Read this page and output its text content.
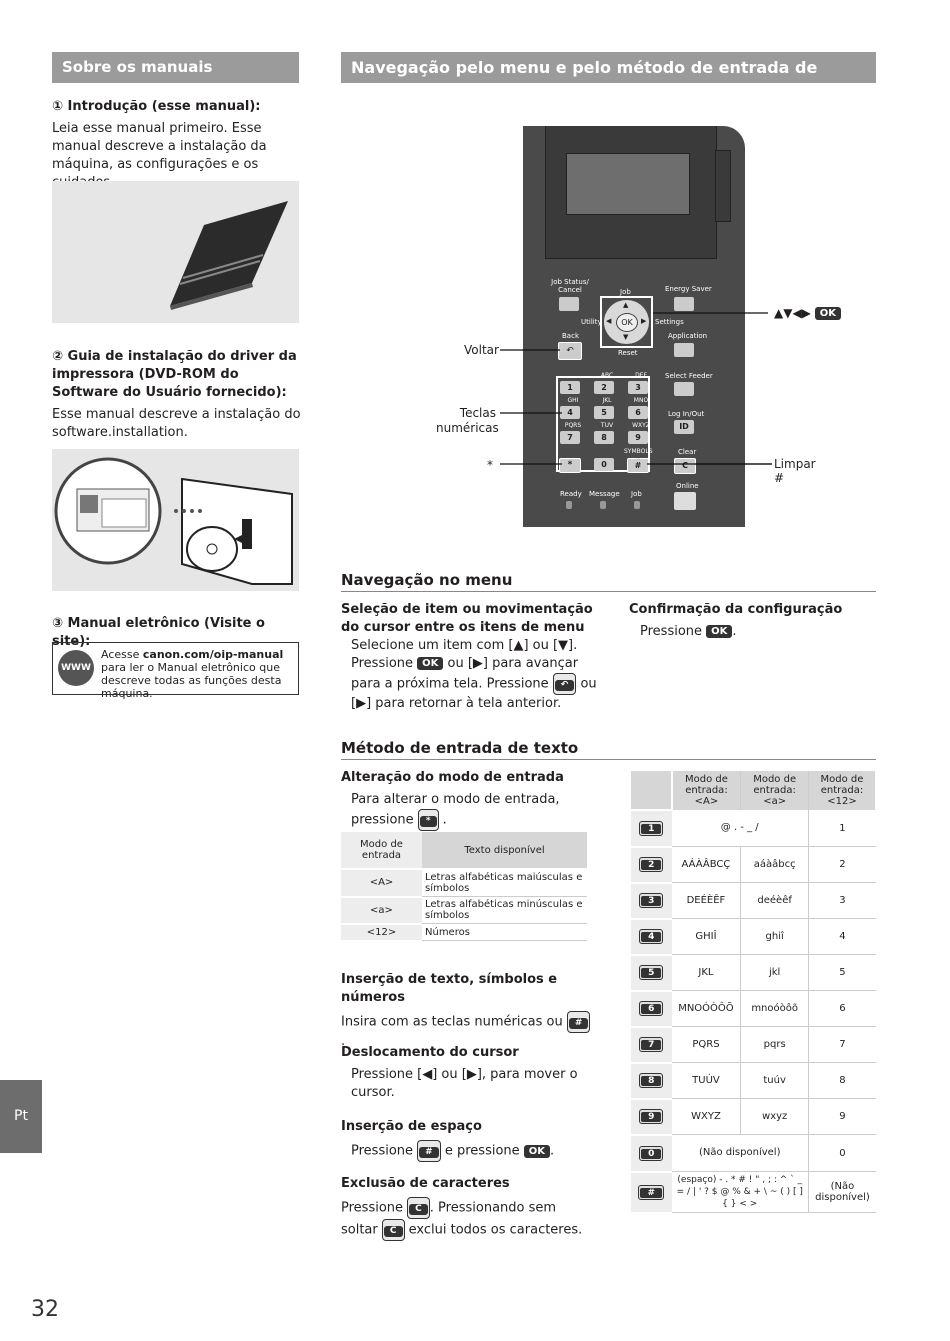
Sobre os manuais
① Introdução (esse manual):
Leia esse manual primeiro. Esse manual descreve a instalação da máquina, as configurações e os
② Guia de instalação do driver da impressora (DVD-ROM do Software do Usuário fornecido):
Esse manual descreve a instalação do software.installation.
③ Manual eletrônico (Visite o site):
WWW
Acesse canon.com/oip-manual para ler o Manual eletrônico que descreve todas as funções desta máquina.
Navegação pelo menu e pelo método de entrada de texto
Job Status/ Cancel	Job	Energy Saver
▲
▼
◀	▶
OK
Utility	Settings
Reset
Back
↶
Application
Select Feeder
Log In/Out
ID
Clear
C
Online
1
ABC
2
DEF
3
GHI
4
JKL
5
MNO
6
PQRS
7
TUV
8
WXYZ
9
*	0
SYMBOLS
#
Ready Message Job
Voltar
Teclas numéricas
*
▲▼◀▶ OK
Limpar
#
Navegação no menu
Seleção de item ou movimentação do cursor entre os itens de menu
Selecione um item com [▲] ou [▼].
Pressione OK ou [▶] para avançar para a próxima tela. Pressione ↶ ou [▶] para retornar à tela anterior.
Confirmação da configuração
Pressione OK .
Método de entrada de texto
Alteração do modo de entrada
Para alterar o modo de entrada, pressione * .
Modo de entrada	Texto disponível
<A>	Letras alfabéticas maiúsculas e símbolos
<a>	Letras alfabéticas minúsculas e símbolos
<12>	Números
Inserção de texto, símbolos e números
Insira com as teclas numéricas ou # .
Deslocamento do cursor
Pressione [◀] ou [▶], para mover o cursor.
Inserção de espaço
Pressione # e pressione OK .
Exclusão de caracteres
Pressione C . Pressionando sem soltar C exclui todos os caracteres.
	Modo de entrada: <A>	Modo de entrada: <a>	Modo de entrada: <12>
1	@ . - _ /		1
2	AÁÀÂBCÇ	aáàâbcç	2
3	DEÉÈÊF	deéèêf	3
4	GHIÎ	ghiî	4
5	JKL	jkl	5
6	MNOÓÒÔÕ	mnoóòôõ	6
7	PQRS	pqrs	7
8	TUÚV	tuúv	8
9	WXYZ	wxyz	9
0	(Não disponível)		0
#	(espaço) - . * # ! " , ; : ^ ` _ = / | ' ? $ @ % & + \ ~ ( ) [ ] { } < >		(Não disponível)
Pt
32
